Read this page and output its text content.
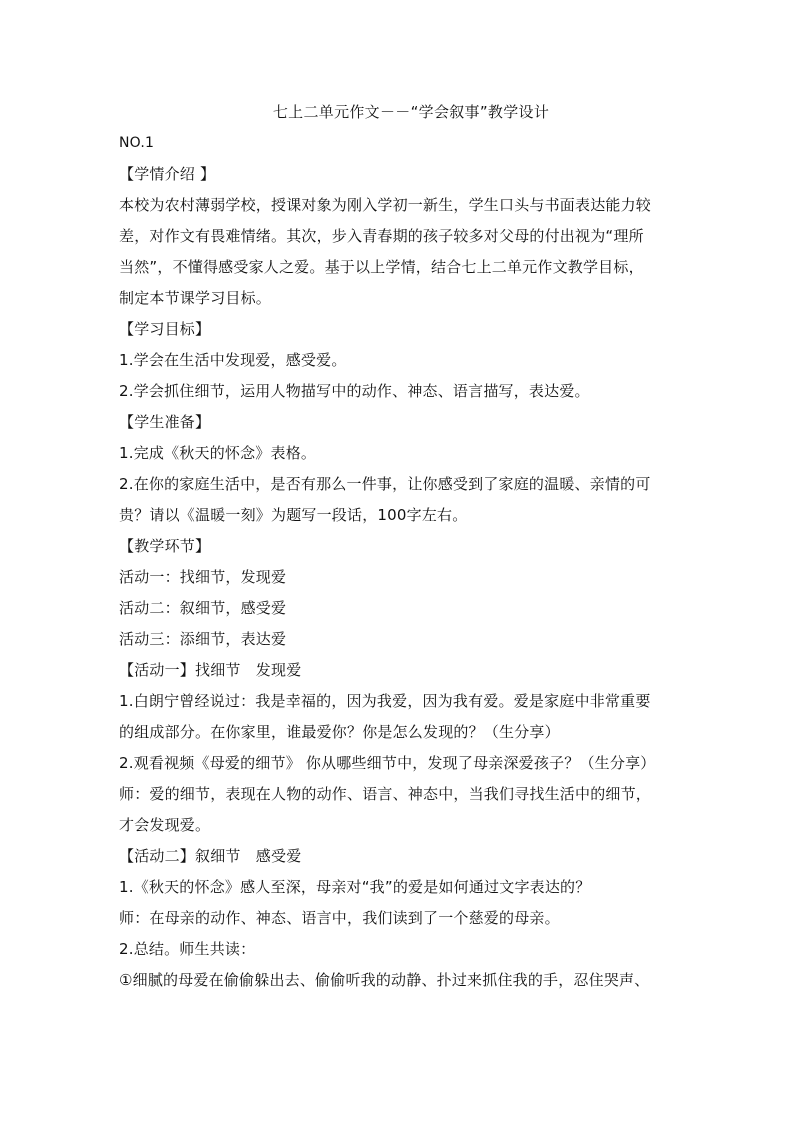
七上二单元作文－－“学会叙事”教学设计
NO.1
【学情介绍 】
本校为农村薄弱学校，授课对象为刚入学初一新生，学生口头与书面表达能力较
差，对作文有畏难情绪。其次，步入青春期的孩子较多对父母的付出视为“理所
当然”，不懂得感受家人之爱。基于以上学情，结合七上二单元作文教学目标，
制定本节课学习目标。
【学习目标】
1.学会在生活中发现爱，感受爱。
2.学会抓住细节，运用人物描写中的动作、神态、语言描写，表达爱。
【学生准备】
1.完成《秋天的怀念》表格。
2.在你的家庭生活中，是否有那么一件事，让你感受到了家庭的温暖、亲情的可
贵？请以《温暖一刻》为题写一段话，100字左右。
【教学环节】
活动一：找细节，发现爱
活动二：叙细节，感受爱
活动三：添细节，表达爱
【活动一】找细节　发现爱
1.白朗宁曾经说过：我是幸福的，因为我爱，因为我有爱。爱是家庭中非常重要
的组成部分。在你家里，谁最爱你？你是怎么发现的？（生分享）
2.观看视频《母爱的细节》 你从哪些细节中，发现了母亲深爱孩子？（生分享）
师：爱的细节，表现在人物的动作、语言、神态中，当我们寻找生活中的细节，
才会发现爱。
【活动二】叙细节　感受爱
1.《秋天的怀念》感人至深，母亲对“我”的爱是如何通过文字表达的？
师：在母亲的动作、神态、语言中，我们读到了一个慈爱的母亲。
2.总结。师生共读：
①细腻的母爱在偷偷躲出去、偷偷听我的动静、扑过来抓住我的手，忍住哭声、
